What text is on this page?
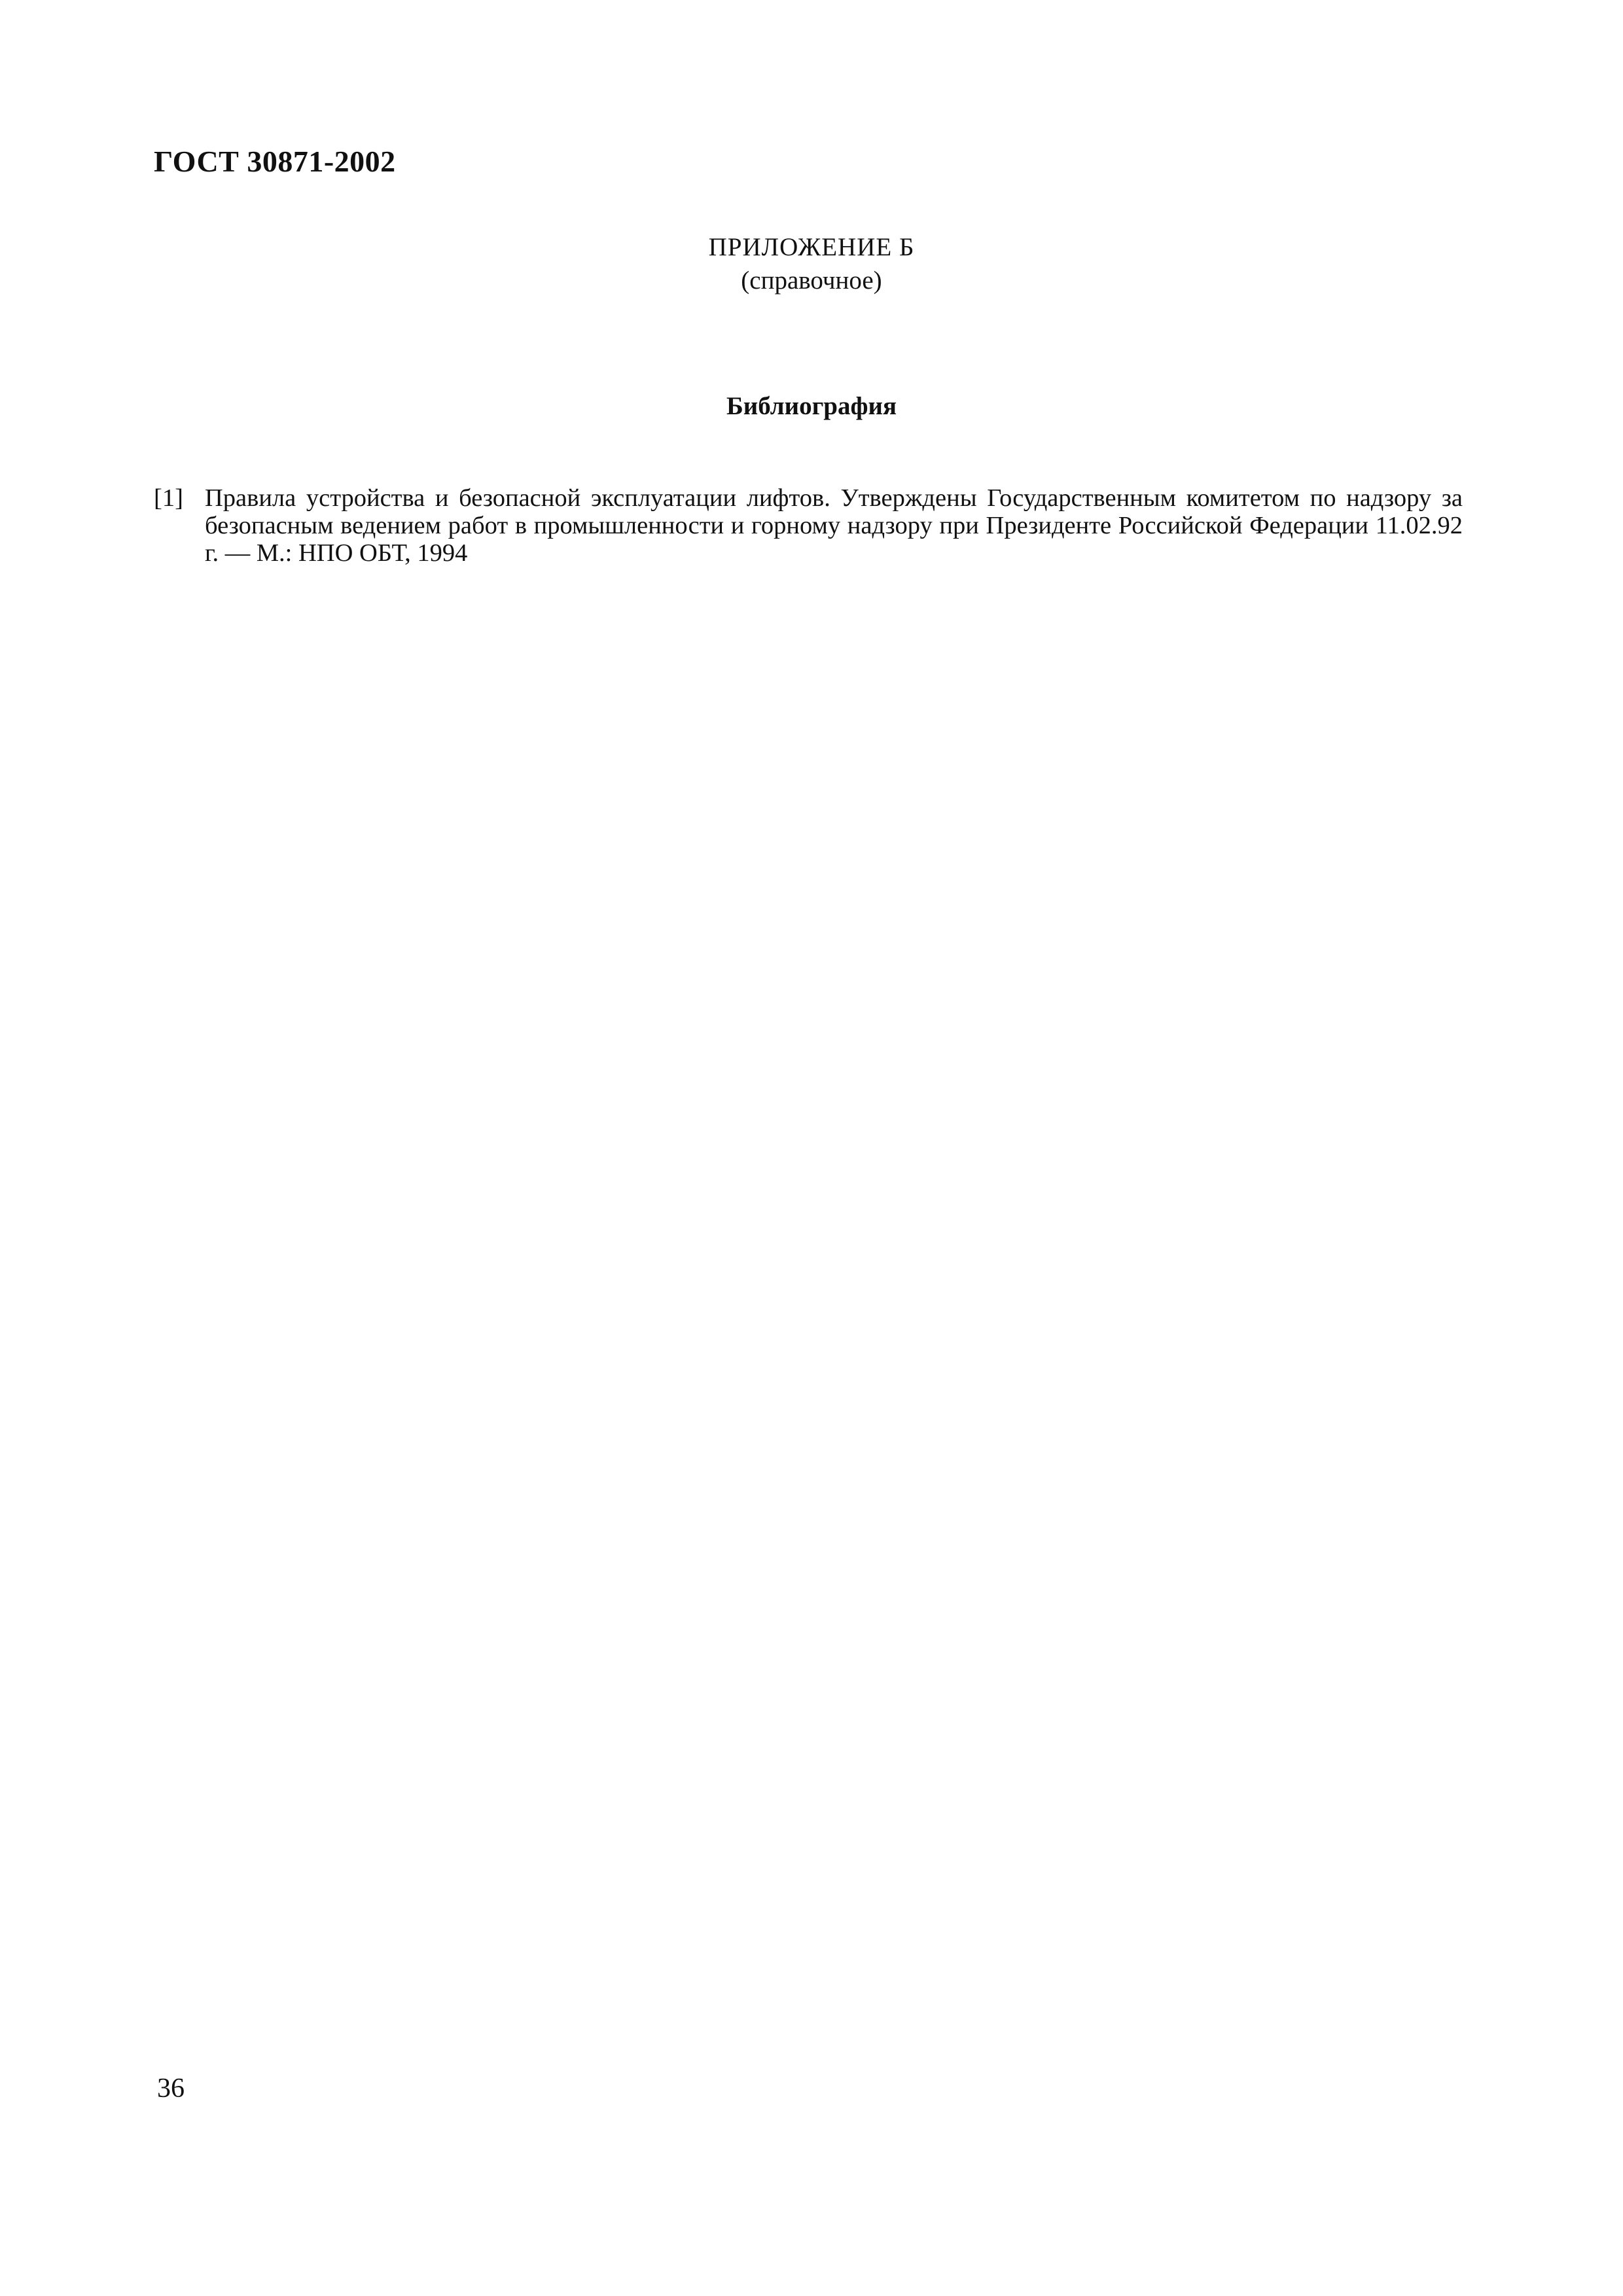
ГОСТ 30871-2002
ПРИЛОЖЕНИЕ Б
(справочное)
Библиография
[1] Правила устройства и безопасной эксплуатации лифтов. Утверждены Государственным комитетом по надзору за безопасным ведением работ в промышленности и горному надзору при Президенте Российской Федерации 11.02.92 г. — М.: НПО ОБТ, 1994
36
